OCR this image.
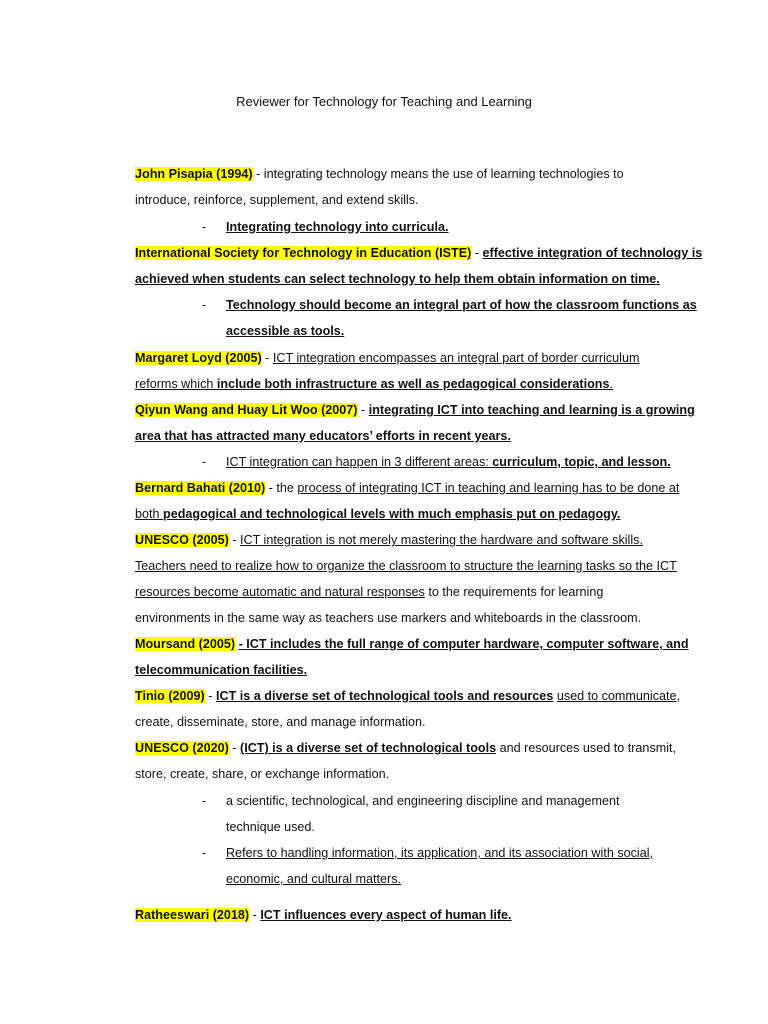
Reviewer for Technology for Teaching and Learning
John Pisapia (1994) - integrating technology means the use of learning technologies to
introduce, reinforce, supplement, and extend skills.
- Integrating technology into curricula.
International Society for Technology in Education (ISTE) - effective integration of technology is
achieved when students can select technology to help them obtain information on time.
- Technology should become an integral part of how the classroom functions as
accessible as tools.
Margaret Loyd (2005) - ICT integration encompasses an integral part of border curriculum
reforms which include both infrastructure as well as pedagogical considerations.
Qiyun Wang and Huay Lit Woo (2007) - integrating ICT into teaching and learning is a growing
area that has attracted many educators’ efforts in recent years.
- ICT integration can happen in 3 different areas: curriculum, topic, and lesson.
Bernard Bahati (2010) - the process of integrating ICT in teaching and learning has to be done at
both pedagogical and technological levels with much emphasis put on pedagogy.
UNESCO (2005) - ICT integration is not merely mastering the hardware and software skills.
Teachers need to realize how to organize the classroom to structure the learning tasks so the ICT
resources become automatic and natural responses to the requirements for learning
environments in the same way as teachers use markers and whiteboards in the classroom.
Moursand (2005) - ICT includes the full range of computer hardware, computer software, and
telecommunication facilities.
Tinio (2009) - ICT is a diverse set of technological tools and resources used to communicate,
create, disseminate, store, and manage information.
UNESCO (2020) - (ICT) is a diverse set of technological tools and resources used to transmit,
store, create, share, or exchange information.
- a scientific, technological, and engineering discipline and management
technique used.
- Refers to handling information, its application, and its association with social,
economic, and cultural matters.
Ratheeswari (2018) - ICT influences every aspect of human life.
